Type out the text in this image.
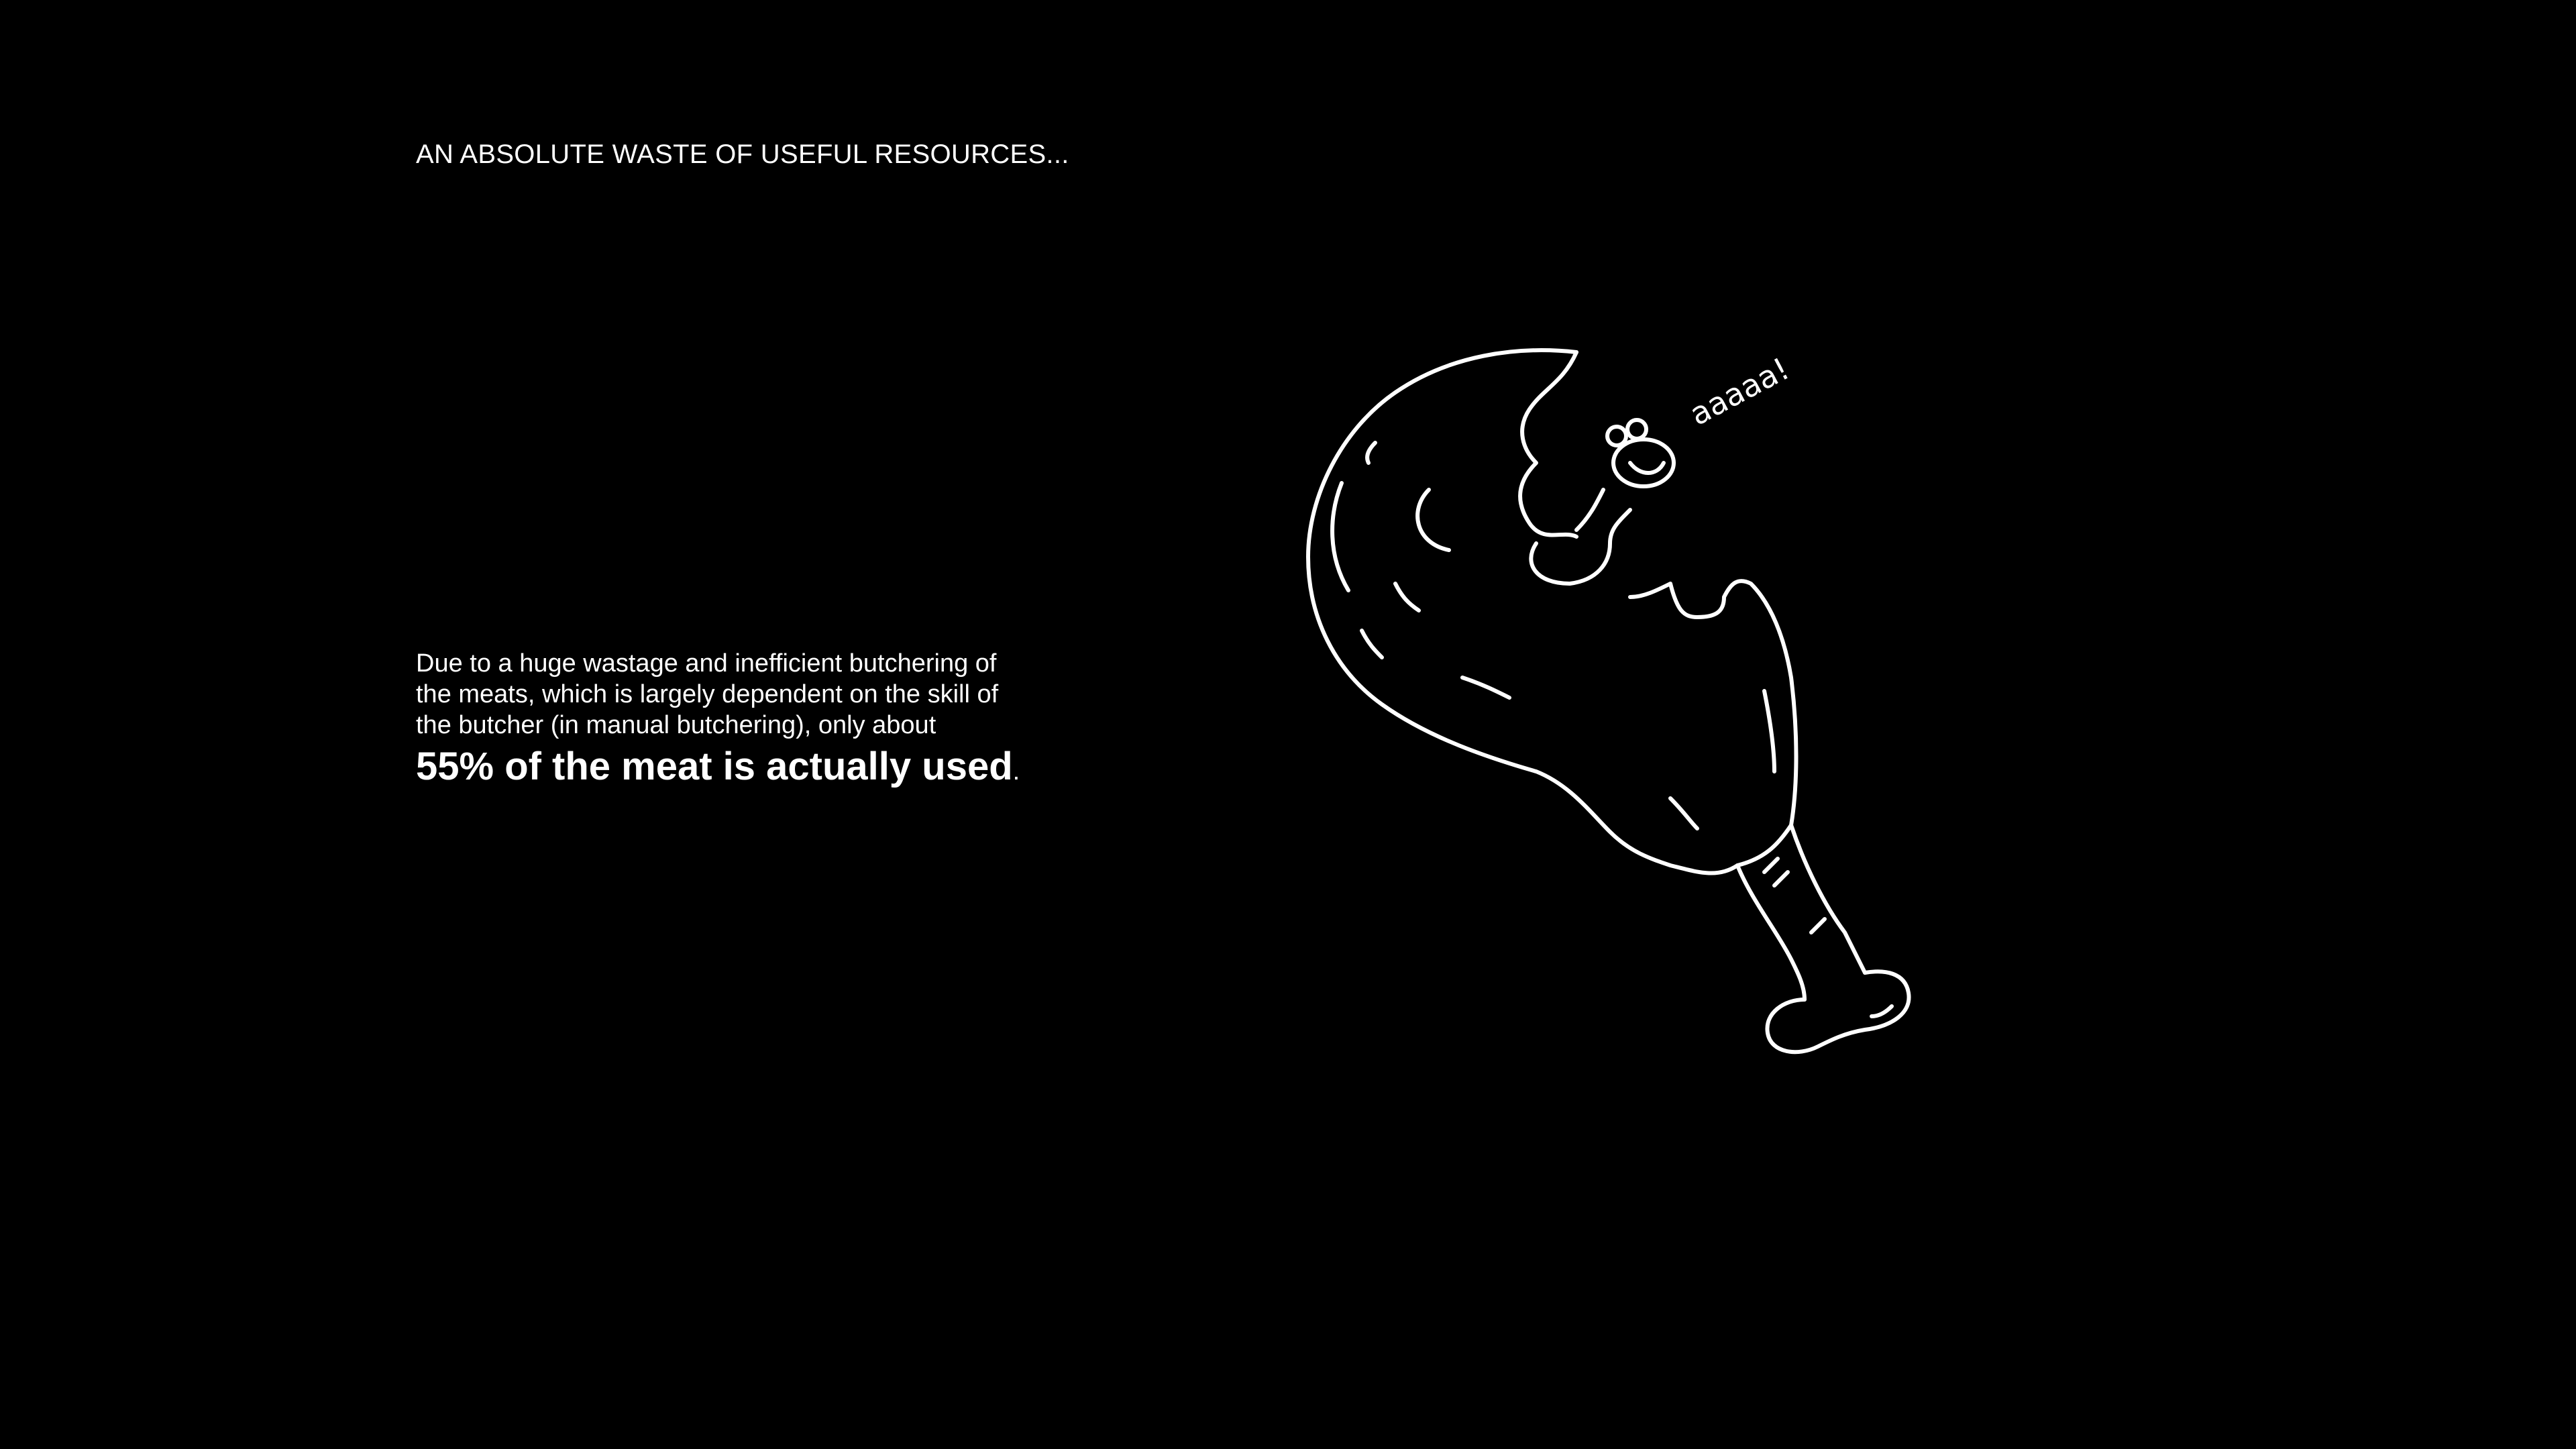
AN ABSOLUTE WASTE OF USEFUL RESOURCES...
Due to a huge wastage and inefficient butchering of
the meats, which is largely dependent on the skill of
the butcher (in manual butchering), only about
55% of the meat is actually used.
aaaaa!
